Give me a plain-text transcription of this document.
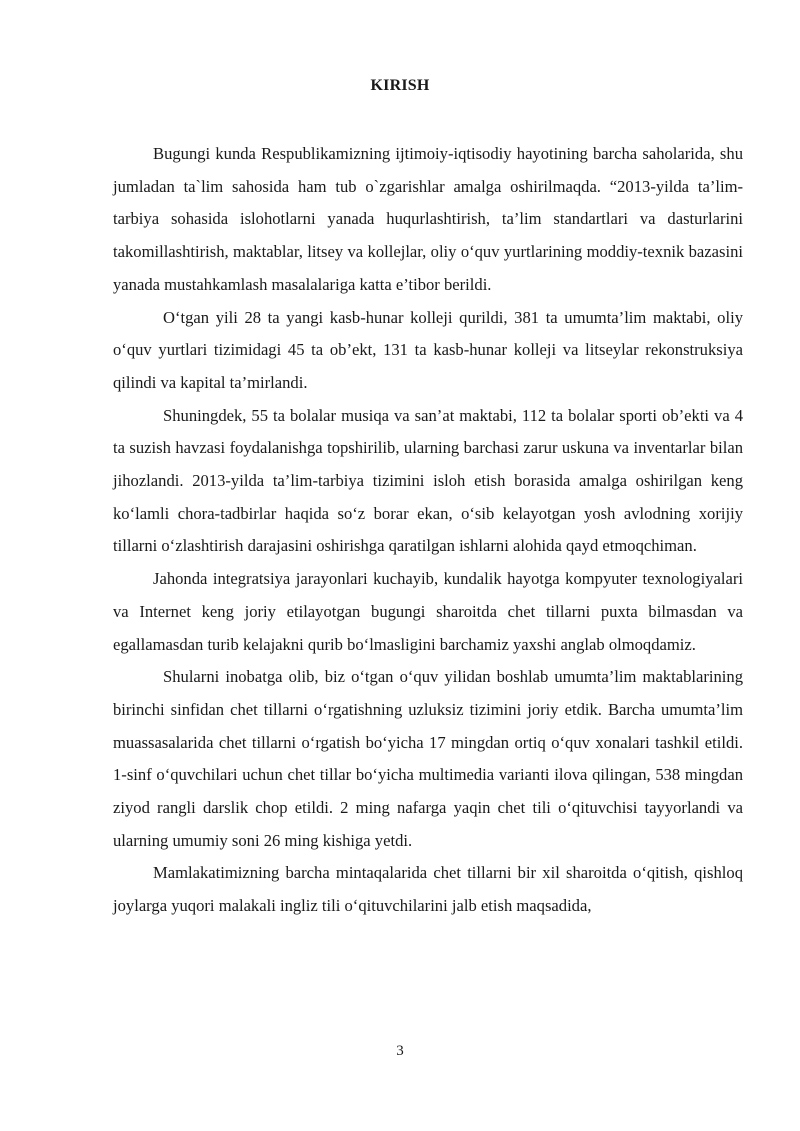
KIRISH

Bugungi kunda Respublikamizning ijtimoiy-iqtisodiy hayotining barcha saholarida, shu jumladan ta`lim sahosida ham tub o`zgarishlar amalga oshirilmaqda. “2013-yilda ta’lim-tarbiya sohasida islohotlarni yanada huqurlashtirish, ta’lim standartlari va dasturlarini takomillashtirish, maktablar, litsey va kollejlar, oliy o‘quv yurtlarining moddiy-texnik bazasini yanada mustahkamlash masalalariga katta e’tibor berildi.

O‘tgan yili 28 ta yangi kasb-hunar kolleji qurildi, 381 ta umumta’lim maktabi, oliy o‘quv yurtlari tizimidagi 45 ta ob’ekt, 131 ta kasb-hunar kolleji va litseylar rekonstruksiya qilindi va kapital ta’mirlandi.

Shuningdek, 55 ta bolalar musiqa va san’at maktabi, 112 ta bolalar sporti ob’ekti va 4 ta suzish havzasi foydalanishga topshirilib, ularning barchasi zarur uskuna va inventarlar bilan jihozlandi. 2013-yilda ta’lim-tarbiya tizimini isloh etish borasida amalga oshirilgan keng ko‘lamli chora-tadbirlar haqida so‘z borar ekan, o‘sib kelayotgan yosh avlodning xorijiy tillarni o‘zlashtirish darajasini oshirishga qaratilgan ishlarni alohida qayd etmoqchiman.

Jahonda integratsiya jarayonlari kuchayib, kundalik hayotga kompyuter texnologiyalari va Internet keng joriy etilayotgan bugungi sharoitda chet tillarni puxta bilmasdan va egallamasdan turib kelajakni qurib bo‘lmasligini barchamiz yaxshi anglab olmoqdamiz.

Shularni inobatga olib, biz o‘tgan o‘quv yilidan boshlab umumta’lim maktablarining birinchi sinfidan chet tillarni o‘rgatishning uzluksiz tizimini joriy etdik. Barcha umumta’lim muassasalarida chet tillarni o‘rgatish bo‘yicha 17 mingdan ortiq o‘quv xonalari tashkil etildi. 1-sinf o‘quvchilari uchun chet tillar bo‘yicha multimedia varianti ilova qilingan, 538 mingdan ziyod rangli darslik chop etildi. 2 ming nafarga yaqin chet tili o‘qituvchisi tayyorlandi va ularning umumiy soni 26 ming kishiga yetdi.

Mamlakatimizning barcha mintaqalarida chet tillarni bir xil sharoitda o‘qitish, qishloq joylarga yuqori malakali ingliz tili o‘qituvchilarini jalb etish maqsadida,

3
